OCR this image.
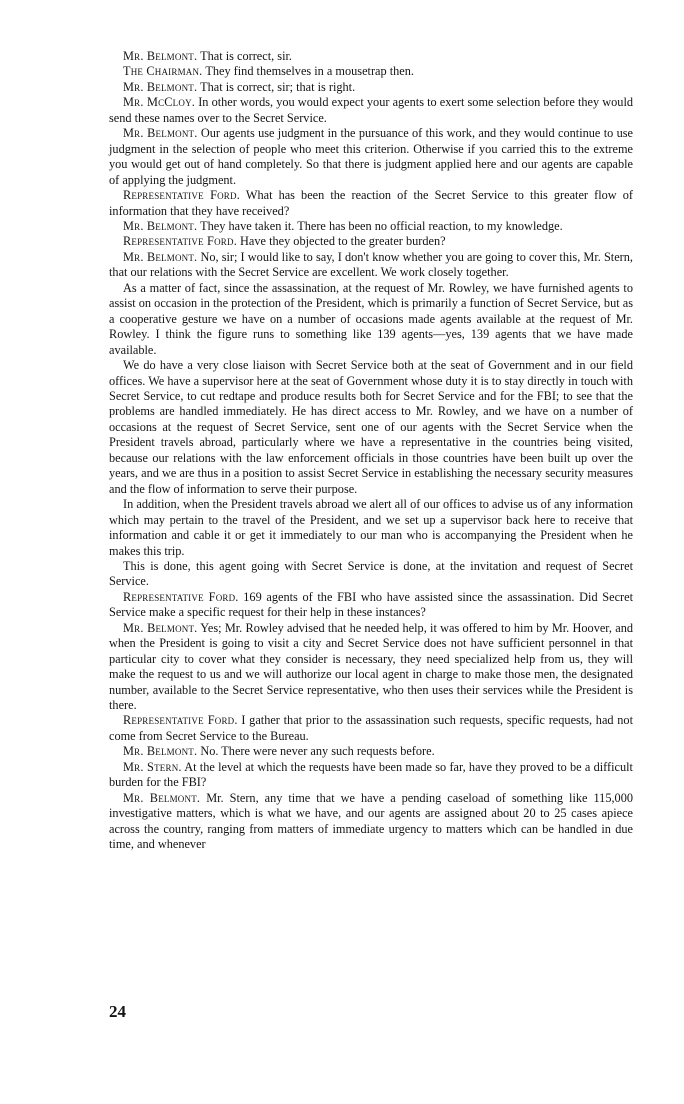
Mr. Belmont. That is correct, sir.

The Chairman. They find themselves in a mousetrap then.

Mr. Belmont. That is correct, sir; that is right.

Mr. McCloy. In other words, you would expect your agents to exert some selection before they would send these names over to the Secret Service.

Mr. Belmont. Our agents use judgment in the pursuance of this work, and they would continue to use judgment in the selection of people who meet this criterion. Otherwise if you carried this to the extreme you would get out of hand completely. So that there is judgment applied here and our agents are capable of applying the judgment.

Representative Ford. What has been the reaction of the Secret Service to this greater flow of information that they have received?

Mr. Belmont. They have taken it. There has been no official reaction, to my knowledge.

Representative Ford. Have they objected to the greater burden?

Mr. Belmont. No, sir; I would like to say, I don't know whether you are going to cover this, Mr. Stern, that our relations with the Secret Service are excellent. We work closely together.

As a matter of fact, since the assassination, at the request of Mr. Rowley, we have furnished agents to assist on occasion in the protection of the President, which is primarily a function of Secret Service, but as a cooperative gesture we have on a number of occasions made agents available at the request of Mr. Rowley. I think the figure runs to something like 139 agents—yes, 139 agents that we have made available.

We do have a very close liaison with Secret Service both at the seat of Government and in our field offices. We have a supervisor here at the seat of Government whose duty it is to stay directly in touch with Secret Service, to cut redtape and produce results both for Secret Service and for the FBI; to see that the problems are handled immediately. He has direct access to Mr. Rowley, and we have on a number of occasions at the request of Secret Service, sent one of our agents with the Secret Service when the President travels abroad, particularly where we have a representative in the countries being visited, because our relations with the law enforcement officials in those countries have been built up over the years, and we are thus in a position to assist Secret Service in establishing the necessary security measures and the flow of information to serve their purpose.

In addition, when the President travels abroad we alert all of our offices to advise us of any information which may pertain to the travel of the President, and we set up a supervisor back here to receive that information and cable it or get it immediately to our man who is accompanying the President when he makes this trip.

This is done, this agent going with Secret Service is done, at the invitation and request of Secret Service.

Representative Ford. 169 agents of the FBI who have assisted since the assassination. Did Secret Service make a specific request for their help in these instances?

Mr. Belmont. Yes; Mr. Rowley advised that he needed help, it was offered to him by Mr. Hoover, and when the President is going to visit a city and Secret Service does not have sufficient personnel in that particular city to cover what they consider is necessary, they need specialized help from us, they will make the request to us and we will authorize our local agent in charge to make those men, the designated number, available to the Secret Service representative, who then uses their services while the President is there.

Representative Ford. I gather that prior to the assassination such requests, specific requests, had not come from Secret Service to the Bureau.

Mr. Belmont. No. There were never any such requests before.

Mr. Stern. At the level at which the requests have been made so far, have they proved to be a difficult burden for the FBI?

Mr. Belmont. Mr. Stern, any time that we have a pending caseload of something like 115,000 investigative matters, which is what we have, and our agents are assigned about 20 to 25 cases apiece across the country, ranging from matters of immediate urgency to matters which can be handled in due time, and whenever

24
